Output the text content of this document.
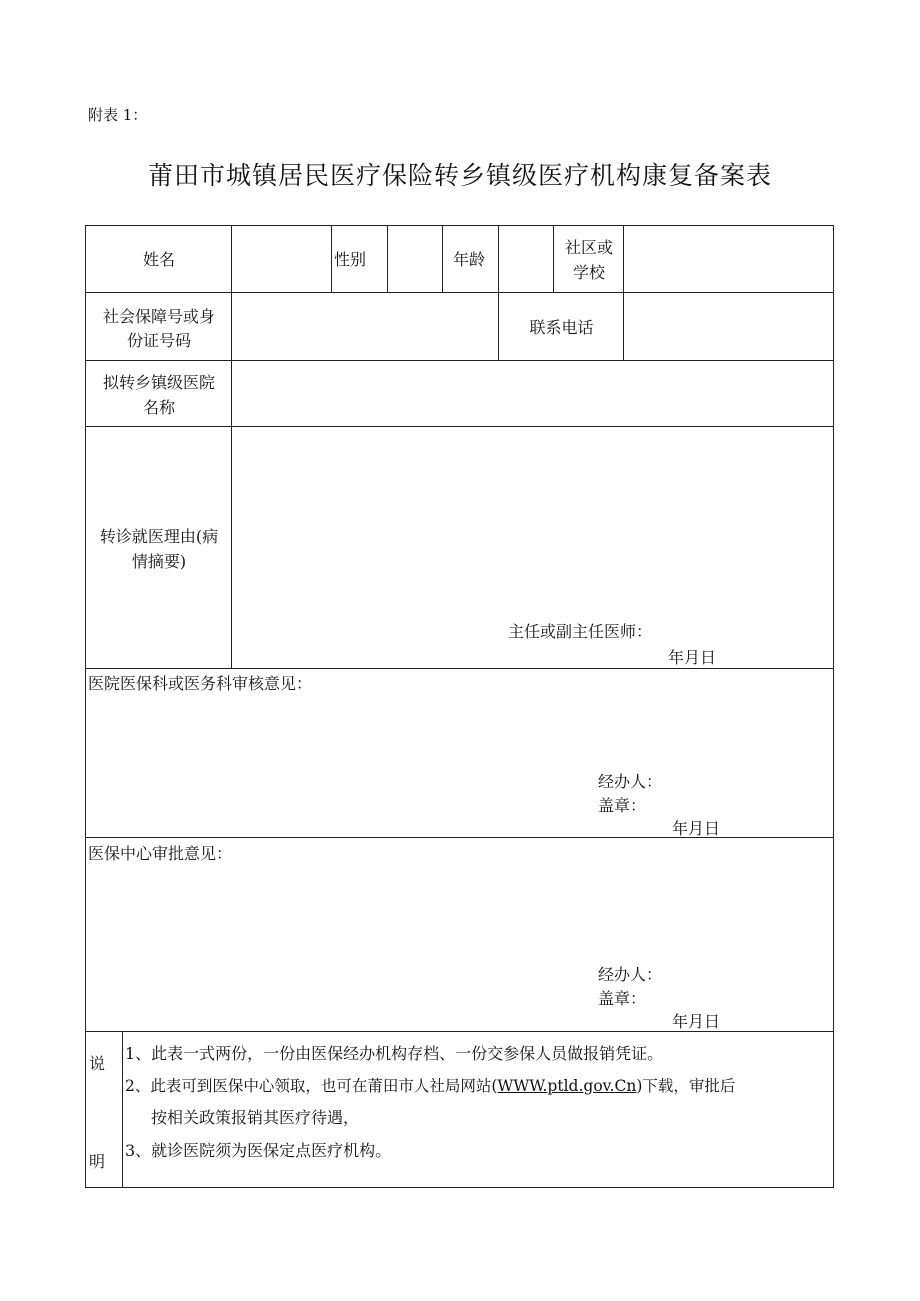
附表 1：
莆田市城镇居民医疗保险转乡镇级医疗机构康复备案表
姓名	性别	年龄
社区或
学校
社会保障号或身
份证号码
联系电话
拟转乡镇级医院
名称
转诊就医理由(病
情摘要)
主任或副主任医师：
年月日
医院医保科或医务科审核意见：
经办人：
盖章：
年月日
医保中心审批意见：
经办人：
盖章：
年月日
说
明
1、此表一式两份，一份由医保经办机构存档、一份交参保人员做报销凭证。
2、此表可到医保中心领取，也可在莆田市人社局网站(WWW.ptld.gov.Cn)下载，审批后
按相关政策报销其医疗待遇，
3、就诊医院须为医保定点医疗机构。
